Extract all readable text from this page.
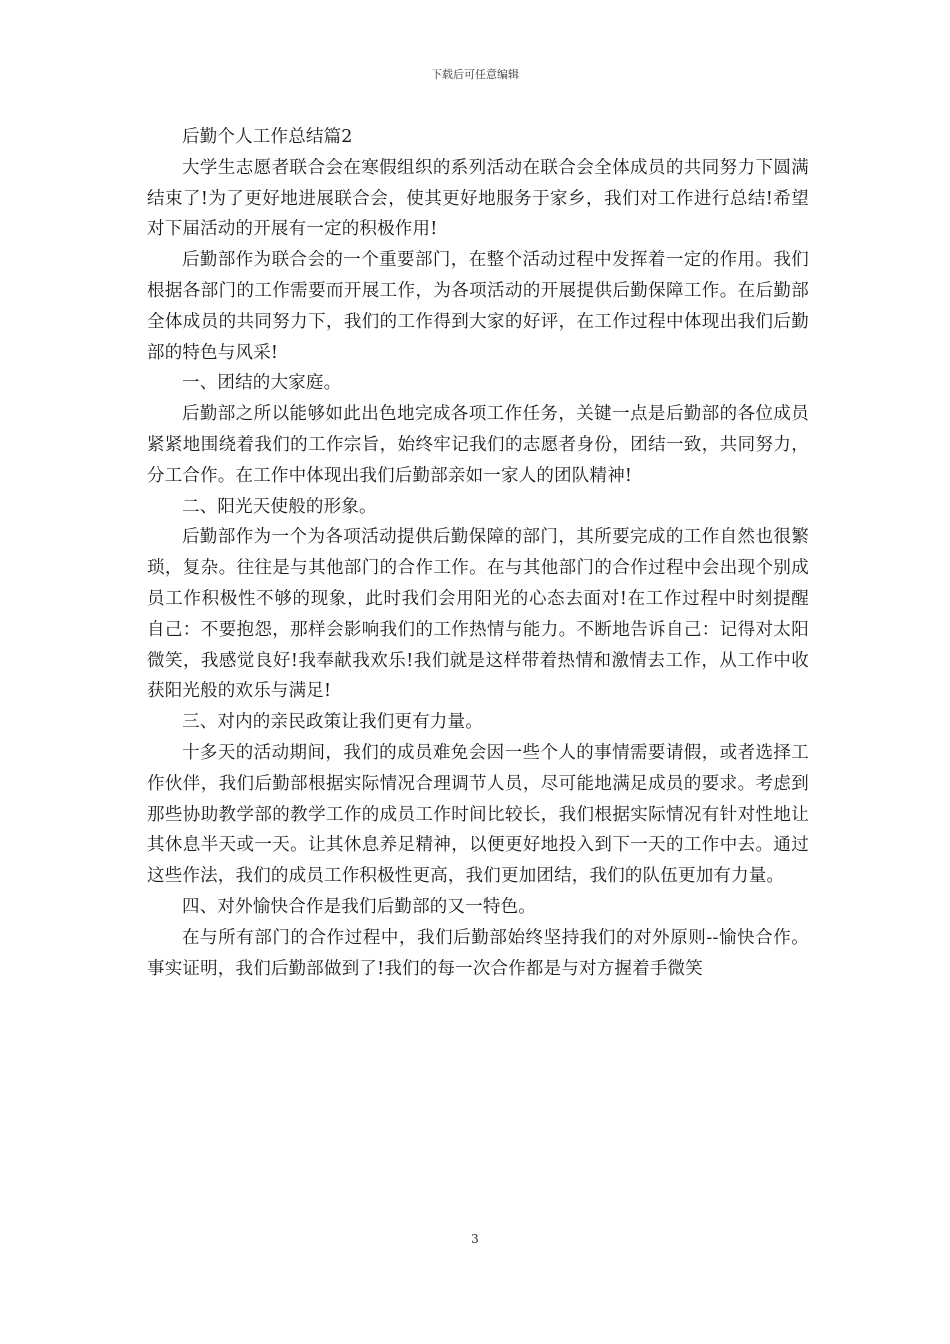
下载后可任意编辑

后勤个人工作总结篇2

大学生志愿者联合会在寒假组织的系列活动在联合会全体成员的共同努力下圆满结束了!为了更好地进展联合会，使其更好地服务于家乡，我们对工作进行总结!希望对下届活动的开展有一定的积极作用!

后勤部作为联合会的一个重要部门，在整个活动过程中发挥着一定的作用。我们根据各部门的工作需要而开展工作，为各项活动的开展提供后勤保障工作。在后勤部全体成员的共同努力下，我们的工作得到大家的好评，在工作过程中体现出我们后勤部的特色与风采!

一、团结的大家庭。

后勤部之所以能够如此出色地完成各项工作任务，关键一点是后勤部的各位成员紧紧地围绕着我们的工作宗旨，始终牢记我们的志愿者身份，团结一致，共同努力，分工合作。在工作中体现出我们后勤部亲如一家人的团队精神!

二、阳光天使般的形象。

后勤部作为一个为各项活动提供后勤保障的部门，其所要完成的工作自然也很繁琐，复杂。往往是与其他部门的合作工作。在与其他部门的合作过程中会出现个别成员工作积极性不够的现象，此时我们会用阳光的心态去面对!在工作过程中时刻提醒自己：不要抱怨，那样会影响我们的工作热情与能力。不断地告诉自己：记得对太阳微笑，我感觉良好!我奉献我欢乐!我们就是这样带着热情和激情去工作，从工作中收获阳光般的欢乐与满足!

三、对内的亲民政策让我们更有力量。

十多天的活动期间，我们的成员难免会因一些个人的事情需要请假，或者选择工作伙伴，我们后勤部根据实际情况合理调节人员，尽可能地满足成员的要求。考虑到那些协助教学部的教学工作的成员工作时间比较长，我们根据实际情况有针对性地让其休息半天或一天。让其休息养足精神，以便更好地投入到下一天的工作中去。通过这些作法，我们的成员工作积极性更高，我们更加团结，我们的队伍更加有力量。

四、对外愉快合作是我们后勤部的又一特色。

在与所有部门的合作过程中，我们后勤部始终坚持我们的对外原则--愉快合作。事实证明，我们后勤部做到了!我们的每一次合作都是与对方握着手微笑

3
